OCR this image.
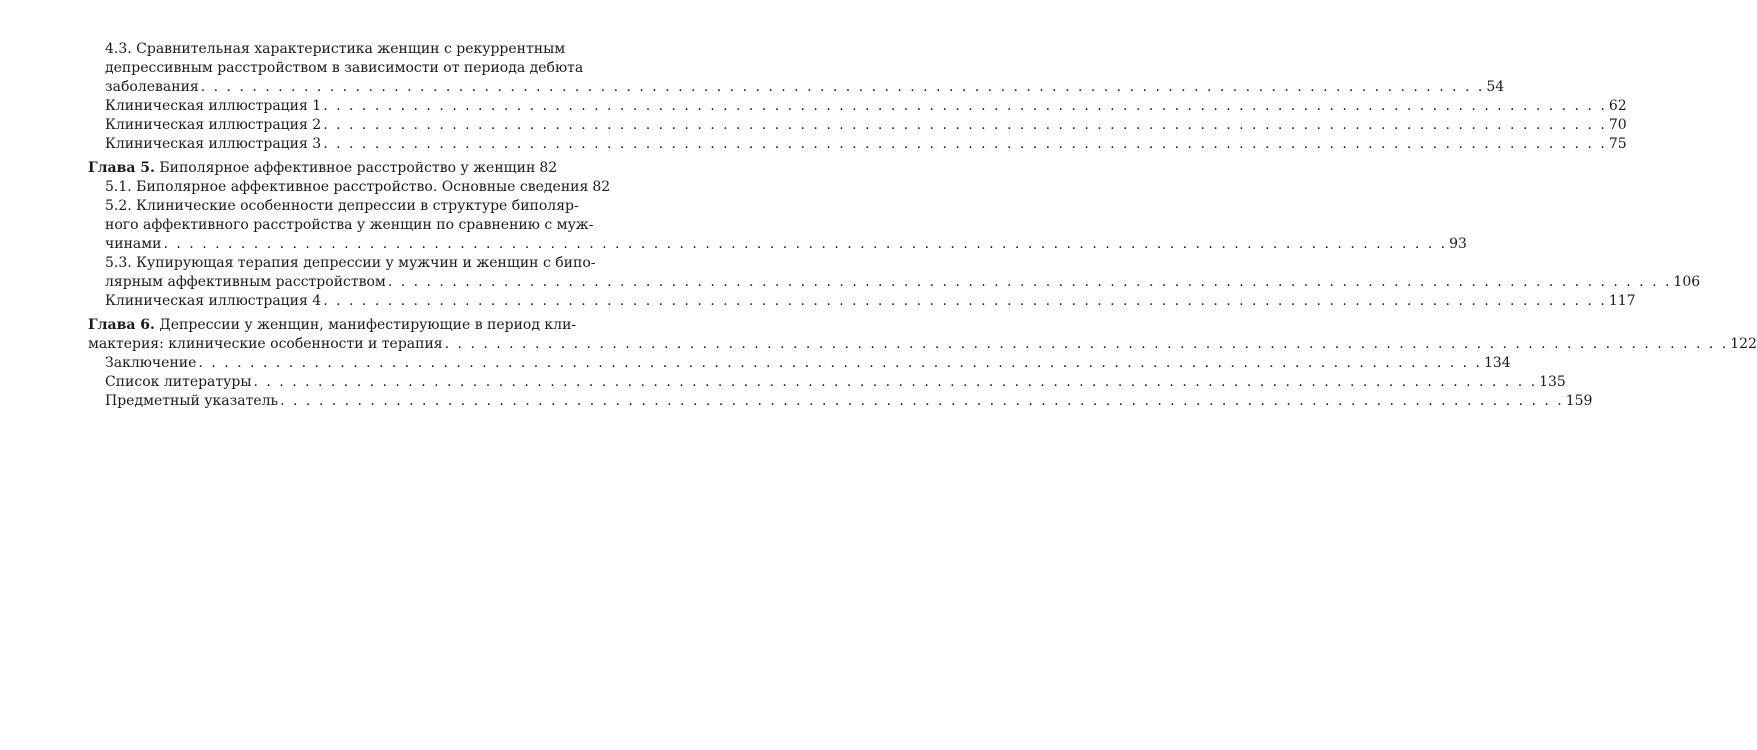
4.3. Сравнительная характеристика женщин с рекуррентным
депрессивным расстройством в зависимости от периода дебюта
заболевания . . .	54
Клиническая иллюстрация 1 . . .	62
Клиническая иллюстрация 2 . . .	70
Клиническая иллюстрация 3 . . .	75
Глава 5. Биполярное аффективное расстройство у женщин 82
5.1. Биполярное аффективное расстройство. Основные сведения 82
5.2. Клинические особенности депрессии в структуре биполяр-
ного аффективного расстройства у женщин по сравнению с муж-
чинами . . .	93
5.3. Купирующая терапия депрессии у мужчин и женщин с бипо-
лярным аффективным расстройством . . .	106
Клиническая иллюстрация 4 . . .	117
Глава 6. Депрессии у женщин, манифестирующие в период кли-
мактерия: клинические особенности и терапия . . .	122
Заключение . . .	134
Список литературы . . .	135
Предметный указатель . . .	159
